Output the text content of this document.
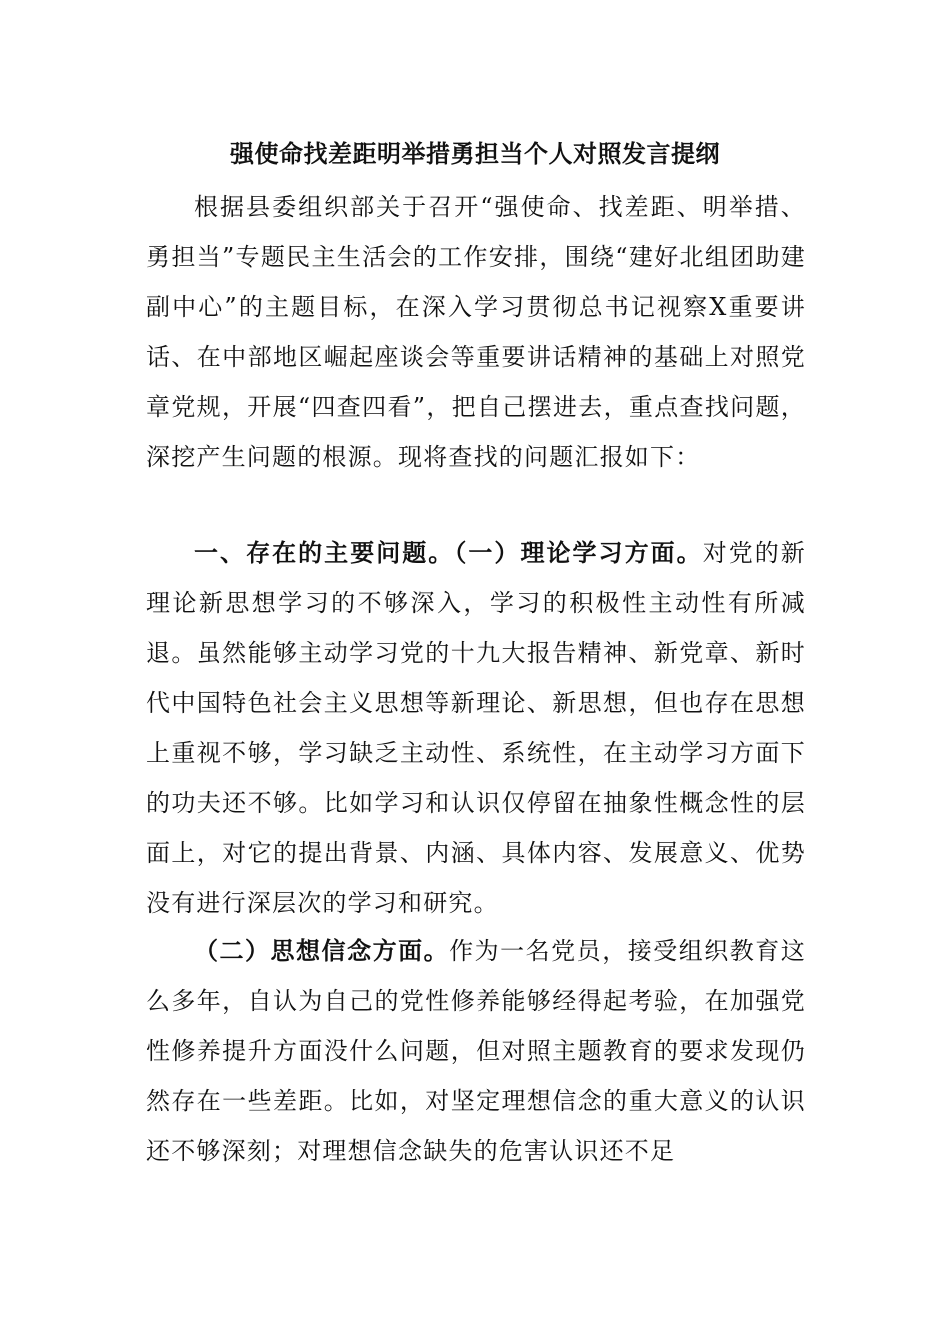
强使命找差距明举措勇担当个人对照发言提纲

根据县委组织部关于召开“强使命、找差距、明举措、勇担当”专题民主生活会的工作安排，围绕“建好北组团助建副中心”的主题目标，在深入学习贯彻总书记视察X重要讲话、在中部地区崛起座谈会等重要讲话精神的基础上对照党章党规，开展“四查四看”，把自己摆进去，重点查找问题，深挖产生问题的根源。现将查找的问题汇报如下：

一、存在的主要问题。（一）理论学习方面。对党的新理论新思想学习的不够深入，学习的积极性主动性有所减退。虽然能够主动学习党的十九大报告精神、新党章、新时代中国特色社会主义思想等新理论、新思想，但也存在思想上重视不够，学习缺乏主动性、系统性，在主动学习方面下的功夫还不够。比如学习和认识仅停留在抽象性概念性的层面上，对它的提出背景、内涵、具体内容、发展意义、优势没有进行深层次的学习和研究。

（二）思想信念方面。作为一名党员，接受组织教育这么多年，自认为自己的党性修养能够经得起考验，在加强党性修养提升方面没什么问题，但对照主题教育的要求发现仍然存在一些差距。比如，对坚定理想信念的重大意义的认识还不够深刻；对理想信念缺失的危害认识还不足
